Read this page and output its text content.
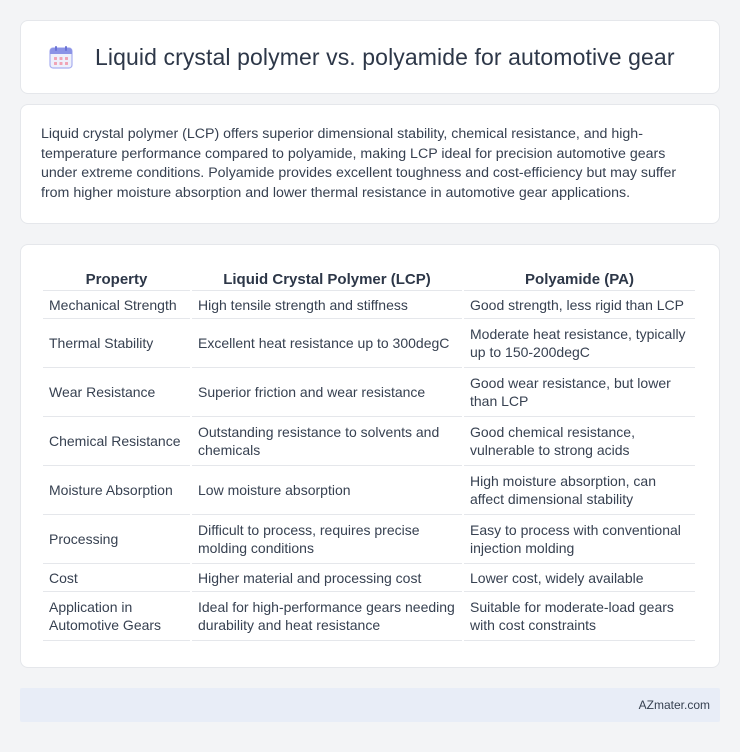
Liquid crystal polymer vs. polyamide for automotive gear

Liquid crystal polymer (LCP) offers superior dimensional stability, chemical resistance, and high-temperature performance compared to polyamide, making LCP ideal for precision automotive gears under extreme conditions. Polyamide provides excellent toughness and cost-efficiency but may suffer from higher moisture absorption and lower thermal resistance in automotive gear applications.

Property	Liquid Crystal Polymer (LCP)	Polyamide (PA)
Mechanical Strength	High tensile strength and stiffness	Good strength, less rigid than LCP
Thermal Stability	Excellent heat resistance up to 300degC	Moderate heat resistance, typically up to 150-200degC
Wear Resistance	Superior friction and wear resistance	Good wear resistance, but lower than LCP
Chemical Resistance	Outstanding resistance to solvents and chemicals	Good chemical resistance, vulnerable to strong acids
Moisture Absorption	Low moisture absorption	High moisture absorption, can affect dimensional stability
Processing	Difficult to process, requires precise molding conditions	Easy to process with conventional injection molding
Cost	Higher material and processing cost	Lower cost, widely available
Application in Automotive Gears	Ideal for high-performance gears needing durability and heat resistance	Suitable for moderate-load gears with cost constraints
AZmater.com
